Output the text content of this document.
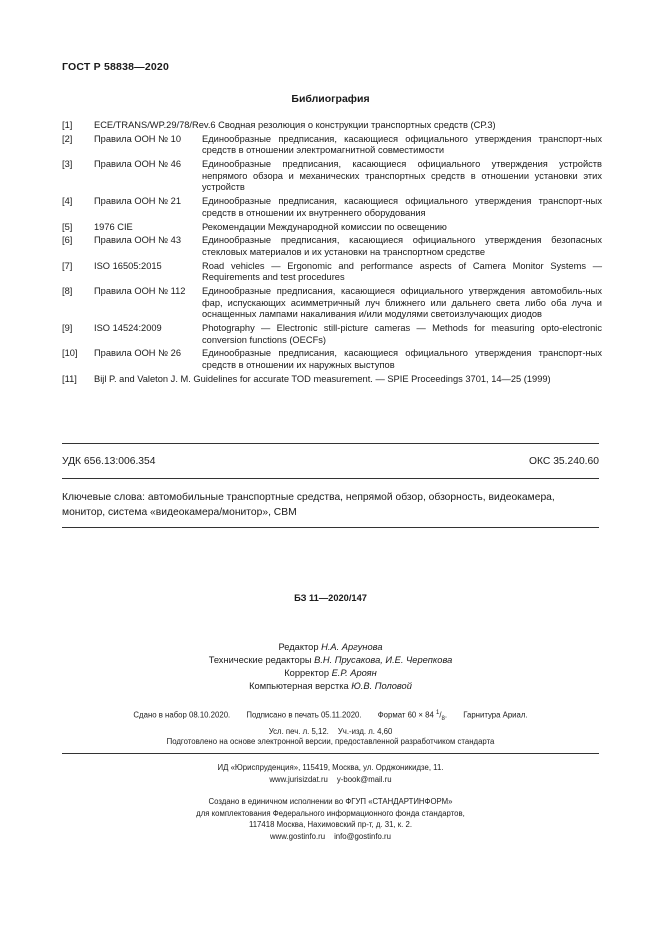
ГОСТ Р 58838—2020
Библиография
[1]	ECE/TRANS/WP.29/78/Rev.6 Сводная резолюция о конструкции транспортных средств (СР.3)
[2]	Правила ООН № 10	Единообразные предписания, касающиеся официального утверждения транспорт-ных средств в отношении электромагнитной совместимости
[3]	Правила ООН № 46	Единообразные предписания, касающиеся официального утверждения устройств непрямого обзора и механических транспортных средств в отношении установки этих устройств
[4]	Правила ООН № 21	Единообразные предписания, касающиеся официального утверждения транспорт-ных средств в отношении их внутреннего оборудования
[5]	1976 CIE	Рекомендации Международной комиссии по освещению
[6]	Правила ООН № 43	Единообразные предписания, касающиеся официального утверждения безопасных стекловых материалов и их установки на транспортном средстве
[7]	ISO 16505:2015	Road vehicles — Ergonomic and performance aspects of Camera Monitor Systems — Requirements and test procedures
[8]	Правила ООН № 112	Единообразные предписания, касающиеся официального утверждения автомобиль-ных фар, испускающих асимметричный луч ближнего или дальнего света либо оба луча и оснащенных лампами накаливания и/или модулями светоизлучающих диодов
[9]	ISO 14524:2009	Photography — Electronic still-picture cameras — Methods for measuring opto-electronic conversion functions (OECFs)
[10]	Правила ООН № 26	Единообразные предписания, касающиеся официального утверждения транспорт-ных средств в отношении их наружных выступов
[11]	Bijl P. and Valeton J. M. Guidelines for accurate TOD measurement. — SPIE Proceedings 3701, 14—25 (1999)
УДК 656.13:006.354	ОКС 35.240.60
Ключевые слова: автомобильные транспортные средства, непрямой обзор, обзорность, видеокамера, монитор, система «видеокамера/монитор», СВМ
БЗ 11—2020/147
Редактор Н.А. Аргунова
Технические редакторы В.Н. Прусакова, И.Е. Черепкова
Корректор Е.Р. Ароян
Компьютерная верстка Ю.В. Половой
Сдано в набор 08.10.2020. Подписано в печать 05.11.2020. Формат 60 × 84 $^1/_8$. Гарнитура Ариал.
Усл. печ. л. 5,12. Уч.-изд. л. 4,60
Подготовлено на основе электронной версии, предоставленной разработчиком стандарта
ИД «Юриспруденция», 115419, Москва, ул. Орджоникидзе, 11.
www.jurisizdat.ru y-book@mail.ru
Создано в единичном исполнении во ФГУП «СТАНДАРТИНФОРМ»
для комплектования Федерального информационного фонда стандартов,
117418 Москва, Нахимовский пр-т, д. 31, к. 2.
www.gostinfo.ru info@gostinfo.ru
